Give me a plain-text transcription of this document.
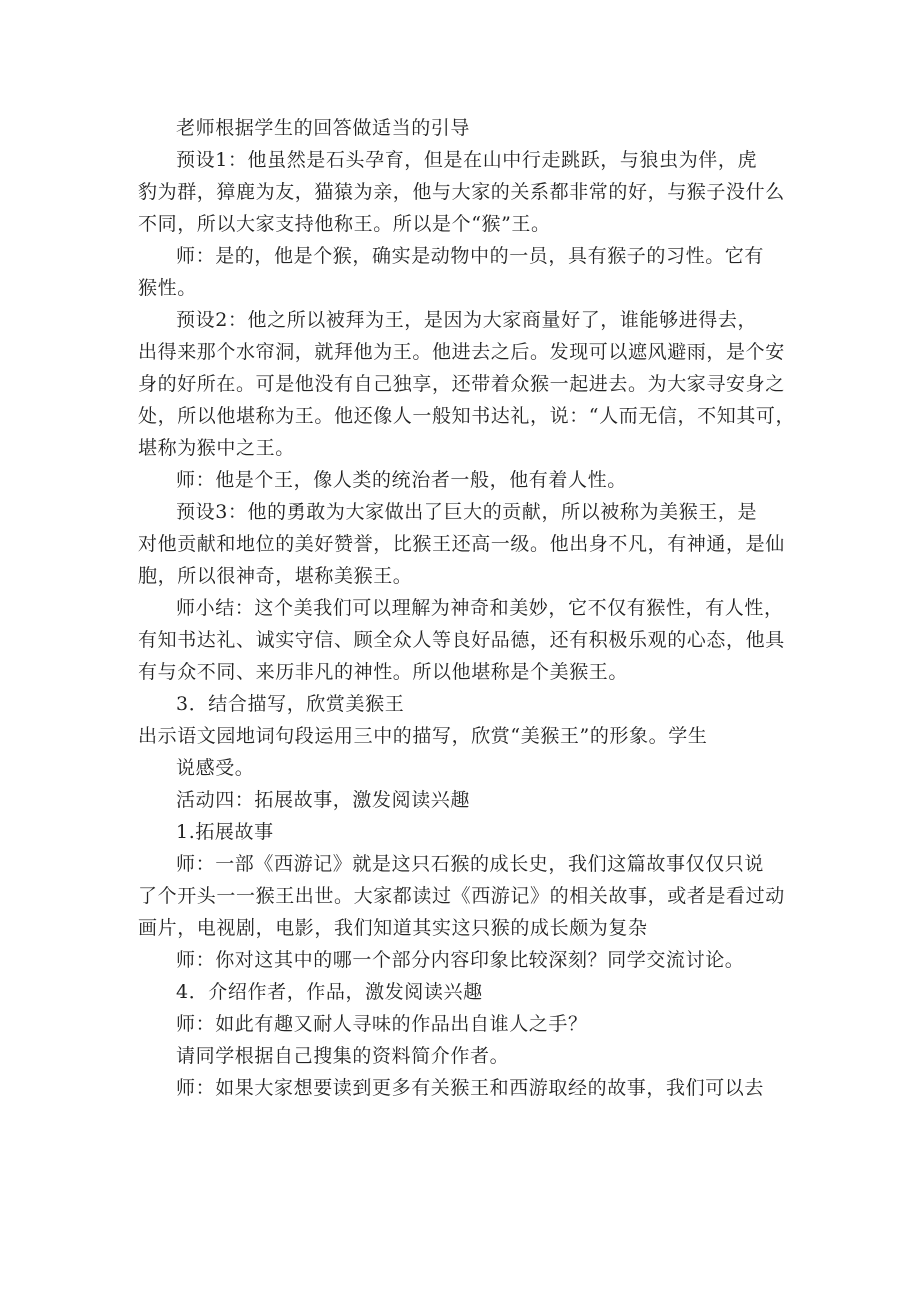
老师根据学生的回答做适当的引导
预设1：他虽然是石头孕育，但是在山中行走跳跃，与狼虫为伴，虎
豹为群，獐鹿为友，猫猿为亲，他与大家的关系都非常的好，与猴子没什么
不同，所以大家支持他称王。所以是个“猴”王。
师：是的，他是个猴，确实是动物中的一员，具有猴子的习性。它有
猴性。
预设2：他之所以被拜为王，是因为大家商量好了，谁能够进得去，
出得来那个水帘洞，就拜他为王。他进去之后。发现可以遮风避雨，是个安
身的好所在。可是他没有自己独享，还带着众猴一起进去。为大家寻安身之
处，所以他堪称为王。他还像人一般知书达礼，说：“人而无信，不知其可，
堪称为猴中之王。
师：他是个王，像人类的统治者一般，他有着人性。
预设3：他的勇敢为大家做出了巨大的贡献，所以被称为美猴王，是
对他贡献和地位的美好赞誉，比猴王还高一级。他出身不凡，有神通，是仙
胞，所以很神奇，堪称美猴王。
师小结：这个美我们可以理解为神奇和美妙，它不仅有猴性，有人性，
有知书达礼、诚实守信、顾全众人等良好品德，还有积极乐观的心态，他具
有与众不同、来历非凡的神性。所以他堪称是个美猴王。
3．结合描写，欣赏美猴王
出示语文园地词句段运用三中的描写，欣赏“美猴王”的形象。学生
说感受。
活动四：拓展故事，激发阅读兴趣
1.拓展故事
师：一部《西游记》就是这只石猴的成长史，我们这篇故事仅仅只说
了个开头一一猴王出世。大家都读过《西游记》的相关故事，或者是看过动
画片，电视剧，电影，我们知道其实这只猴的成长颇为复杂
师：你对这其中的哪一个部分内容印象比较深刻？同学交流讨论。
4．介绍作者，作品，激发阅读兴趣
师：如此有趣又耐人寻味的作品出自谁人之手？
请同学根据自己搜集的资料简介作者。
师：如果大家想要读到更多有关猴王和西游取经的故事，我们可以去
